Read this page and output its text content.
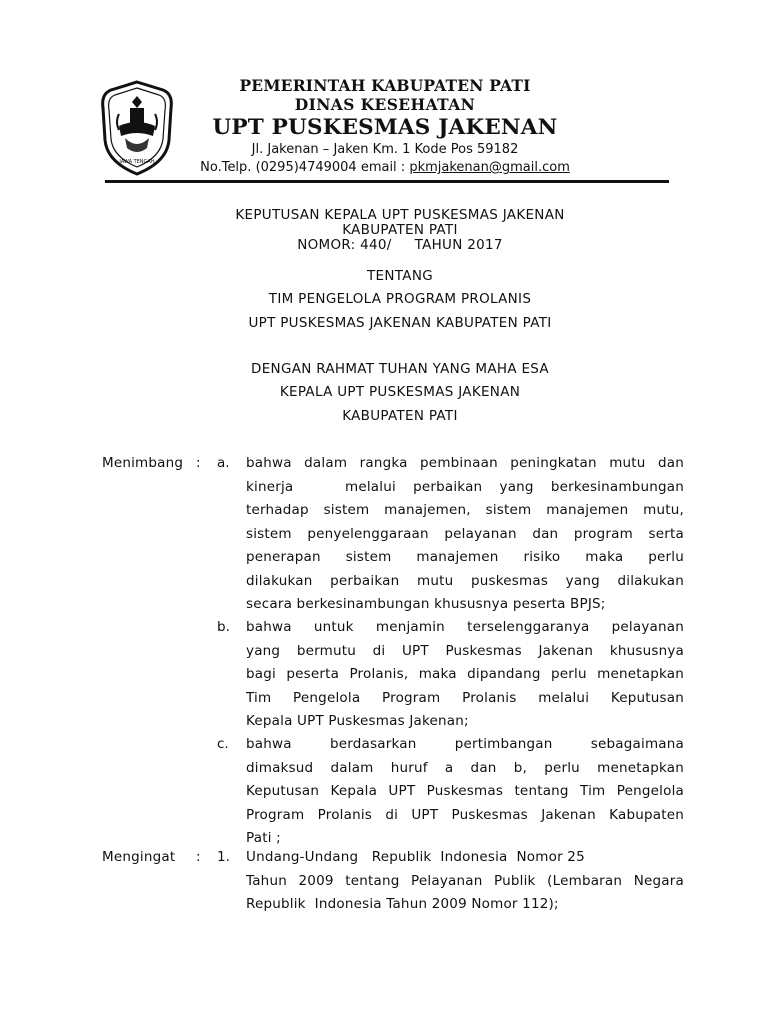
JAWA TENGAH
PEMERINTAH KABUPATEN PATI
DINAS KESEHATAN
UPT PUSKESMAS JAKENAN
Jl. Jakenan – Jaken Km. 1 Kode Pos 59182
No.Telp. (0295)4749004 email : pkmjakenan@gmail.com
KEPUTUSAN KEPALA UPT PUSKESMAS JAKENAN
KABUPATEN PATI
NOMOR: 440/     TAHUN 2017
TENTANG
TIM PENGELOLA PROGRAM PROLANIS
UPT PUSKESMAS JAKENAN KABUPATEN PATI
DENGAN RAHMAT TUHAN YANG MAHA ESA
KEPALA UPT PUSKESMAS JAKENAN
KABUPATEN PATI
Menimbang : a. bahwa dalam rangka pembinaan peningkatan mutu dan
kinerja   melalui perbaikan yang berkesinambungan
terhadap sistem manajemen, sistem manajemen mutu,
sistem penyelenggaraan pelayanan dan program serta
penerapan sistem manajemen risiko maka perlu
dilakukan perbaikan mutu puskesmas yang dilakukan
secara berkesinambungan khususnya peserta BPJS;
b. bahwa untuk menjamin terselenggaranya pelayanan
yang bermutu di UPT Puskesmas Jakenan khususnya
bagi peserta Prolanis, maka dipandang perlu menetapkan
Tim Pengelola Program Prolanis melalui Keputusan
Kepala UPT Puskesmas Jakenan;
c. bahwa berdasarkan pertimbangan sebagaimana
dimaksud dalam huruf a dan b, perlu menetapkan
Keputusan Kepala UPT Puskesmas tentang Tim Pengelola
Program Prolanis di UPT Puskesmas Jakenan Kabupaten
Pati ;
Mengingat : 1. Undang-Undang   Republik  Indonesia  Nomor 25
Tahun 2009 tentang Pelayanan Publik (Lembaran Negara
Republik  Indonesia Tahun 2009 Nomor 112);
